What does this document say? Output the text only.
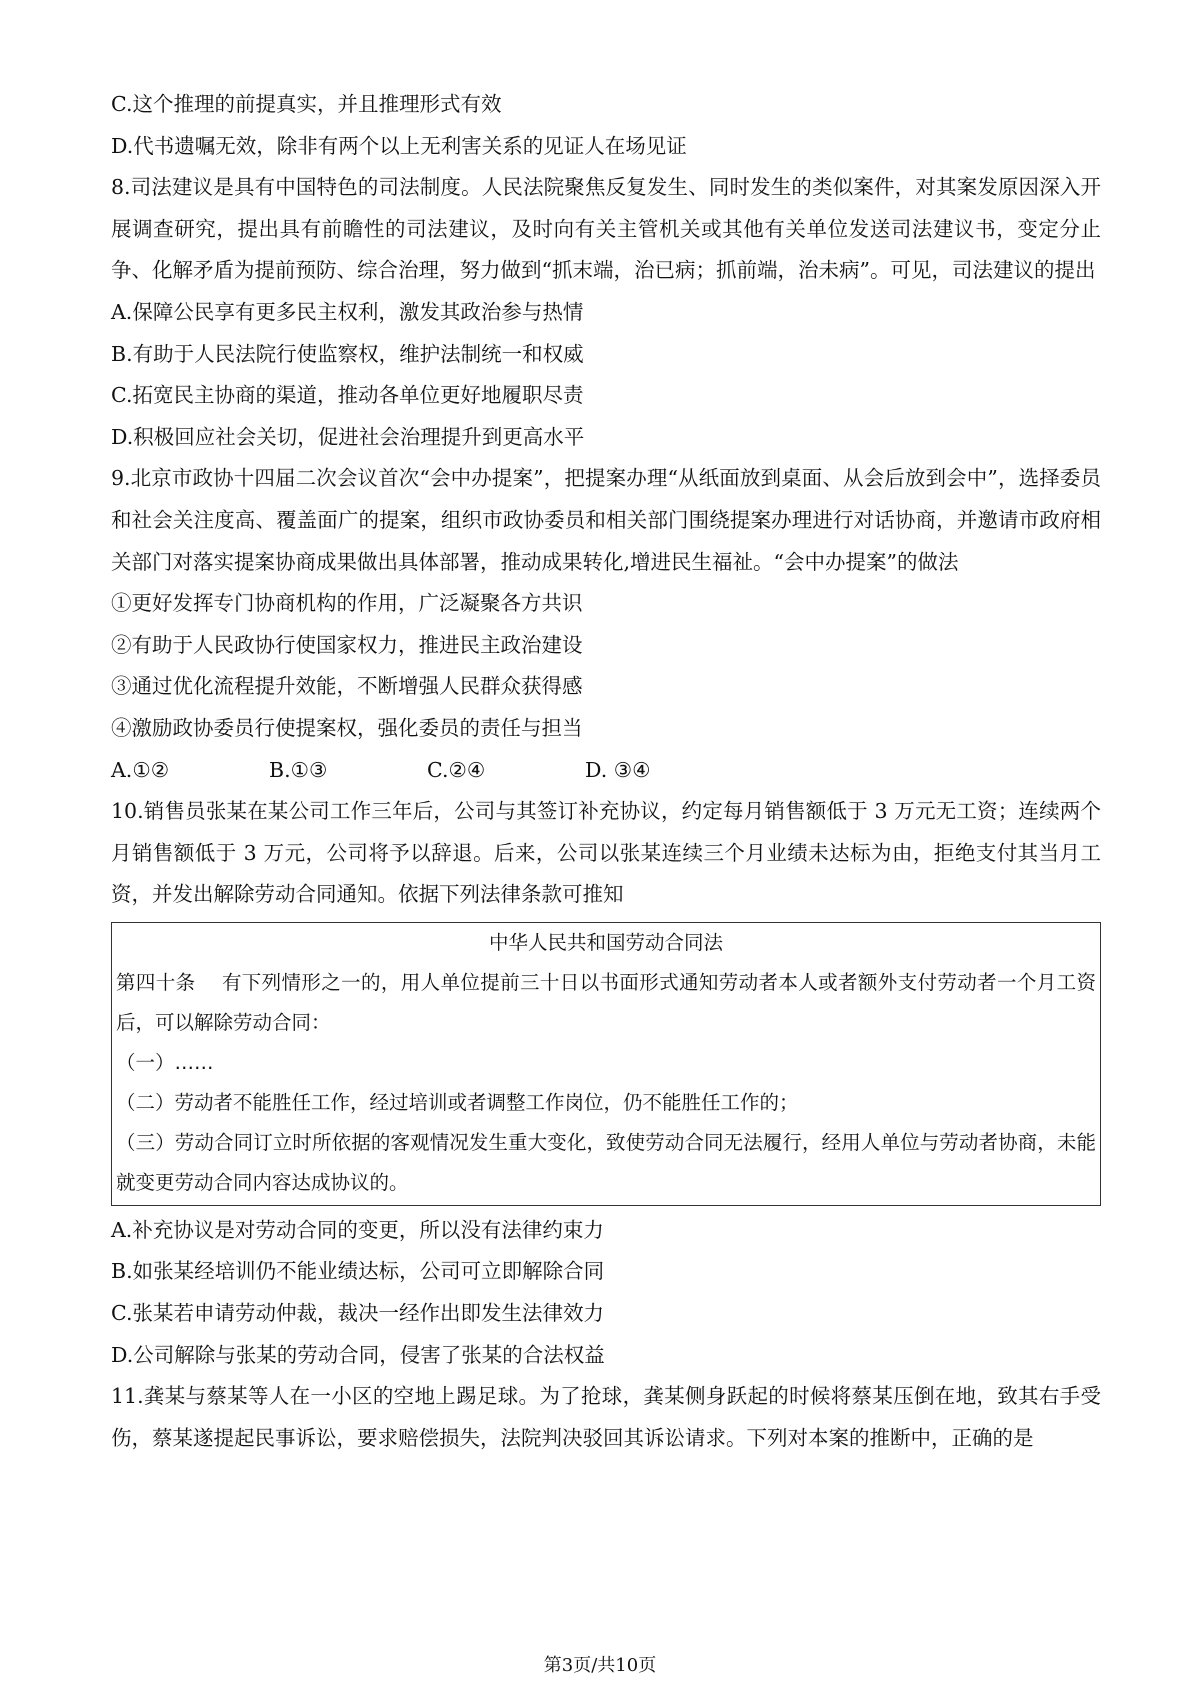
C.这个推理的前提真实，并且推理形式有效

D.代书遗嘱无效，除非有两个以上无利害关系的见证人在场见证

8.司法建议是具有中国特色的司法制度。人民法院聚焦反复发生、同时发生的类似案件，对其案发原因深入开展调查研究，提出具有前瞻性的司法建议，及时向有关主管机关或其他有关单位发送司法建议书，变定分止争、化解矛盾为提前预防、综合治理，努力做到“抓末端，治已病；抓前端，治未病”。可见，司法建议的提出

A.保障公民享有更多民主权利，激发其政治参与热情

B.有助于人民法院行使监察权，维护法制统一和权威

C.拓宽民主协商的渠道，推动各单位更好地履职尽责

D.积极回应社会关切，促进社会治理提升到更高水平

9.北京市政协十四届二次会议首次“会中办提案”，把提案办理“从纸面放到桌面、从会后放到会中”，选择委员和社会关注度高、覆盖面广的提案，组织市政协委员和相关部门围绕提案办理进行对话协商，并邀请市政府相关部门对落实提案协商成果做出具体部署，推动成果转化,增进民生福祉。“会中办提案”的做法

①更好发挥专门协商机构的作用，广泛凝聚各方共识

②有助于人民政协行使国家权力，推进民主政治建设

③通过优化流程提升效能，不断增强人民群众获得感

④激励政协委员行使提案权，强化委员的责任与担当

A.①②	B.①③	C.②④	D. ③④

10.销售员张某在某公司工作三年后，公司与其签订补充协议，约定每月销售额低于 3 万元无工资；连续两个月销售额低于 3 万元，公司将予以辞退。后来，公司以张某连续三个月业绩未达标为由，拒绝支付其当月工资，并发出解除劳动合同通知。依据下列法律条款可推知

中华人民共和国劳动合同法

第四十条　 有下列情形之一的，用人单位提前三十日以书面形式通知劳动者本人或者额外支付劳动者一个月工资后，可以解除劳动合同：

（一）……

（二）劳动者不能胜任工作，经过培训或者调整工作岗位，仍不能胜任工作的；

（三）劳动合同订立时所依据的客观情况发生重大变化，致使劳动合同无法履行，经用人单位与劳动者协商，未能就变更劳动合同内容达成协议的。

A.补充协议是对劳动合同的变更，所以没有法律约束力

B.如张某经培训仍不能业绩达标，公司可立即解除合同

C.张某若申请劳动仲裁，裁决一经作出即发生法律效力

D.公司解除与张某的劳动合同，侵害了张某的合法权益

11.龚某与蔡某等人在一小区的空地上踢足球。为了抢球，龚某侧身跃起的时候将蔡某压倒在地，致其右手受伤，蔡某遂提起民事诉讼，要求赔偿损失，法院判决驳回其诉讼请求。下列对本案的推断中，正确的是

第3页/共10页
